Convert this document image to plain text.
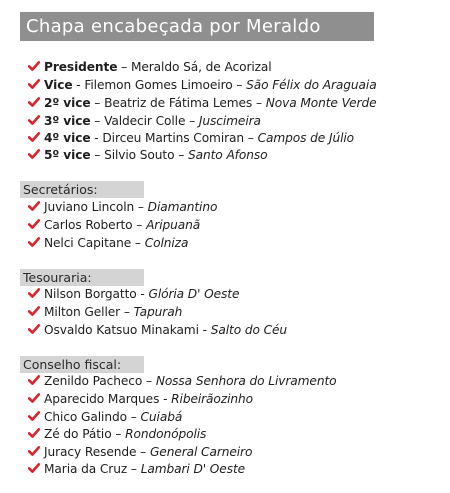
Chapa encabeçada por Meraldo
Presidente – Meraldo Sá, de Acorizal
Vice - Filemon Gomes Limoeiro – São Félix do Araguaia
2º vice – Beatriz de Fátima Lemes – Nova Monte Verde
3º vice – Valdecir Colle – Juscimeira
4º vice - Dirceu Martins Comiran – Campos de Júlio
5º vice – Silvio Souto – Santo Afonso
Secretários:
Juviano Lincoln – Diamantino
Carlos Roberto – Aripuanã
Nelci Capitane – Colniza
Tesouraria:
Nilson Borgatto - Glória D' Oeste
Milton Geller – Tapurah
Osvaldo Katsuo Minakami - Salto do Céu
Conselho fiscal:
Zenildo Pacheco – Nossa Senhora do Livramento
Aparecido Marques - Ribeirãozinho
Chico Galindo – Cuiabá
Zé do Pátio – Rondonópolis
Juracy Resende – General Carneiro
Maria da Cruz – Lambari D' Oeste
